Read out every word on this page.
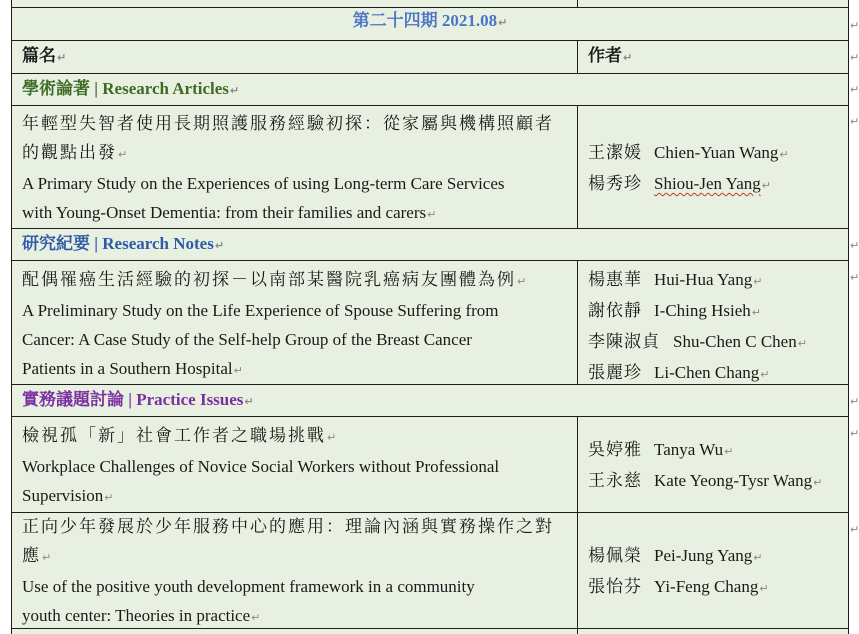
第二十四期 2021.08↵
篇名↵	作者↵
學術論著 | Research Articles↵
年輕型失智者使用長期照護服務經驗初探：從家屬與機構照顧者
的觀點出發↵
A Primary Study on the Experiences of using Long-term Care Services
with Young-Onset Dementia: from their families and carers↵
王潔媛 Chien-Yuan Wang↵
楊秀珍 Shiou-Jen Yang↵
研究紀要 | Research Notes↵
配偶罹癌生活經驗的初探－以南部某醫院乳癌病友團體為例↵
A Preliminary Study on the Life Experience of Spouse Suffering from
Cancer: A Case Study of the Self-help Group of the Breast Cancer
Patients in a Southern Hospital↵
楊惠華 Hui-Hua Yang↵
謝依靜 I-Ching Hsieh↵
李陳淑貞 Shu-Chen C Chen↵
張麗珍 Li-Chen Chang↵
實務議題討論 | Practice Issues↵
檢視孤「新」社會工作者之職場挑戰↵
Workplace Challenges of Novice Social Workers without Professional
Supervision↵
吳婷雅 Tanya Wu↵
王永慈 Kate Yeong-Tysr Wang↵
正向少年發展於少年服務中心的應用：理論內涵與實務操作之對
應↵
Use of the positive youth development framework in a community
youth center: Theories in practice↵
楊佩榮 Pei-Jung Yang↵
張怡芬 Yi-Feng Chang↵
↵
↵
↵
↵
↵
↵
↵
↵
↵
